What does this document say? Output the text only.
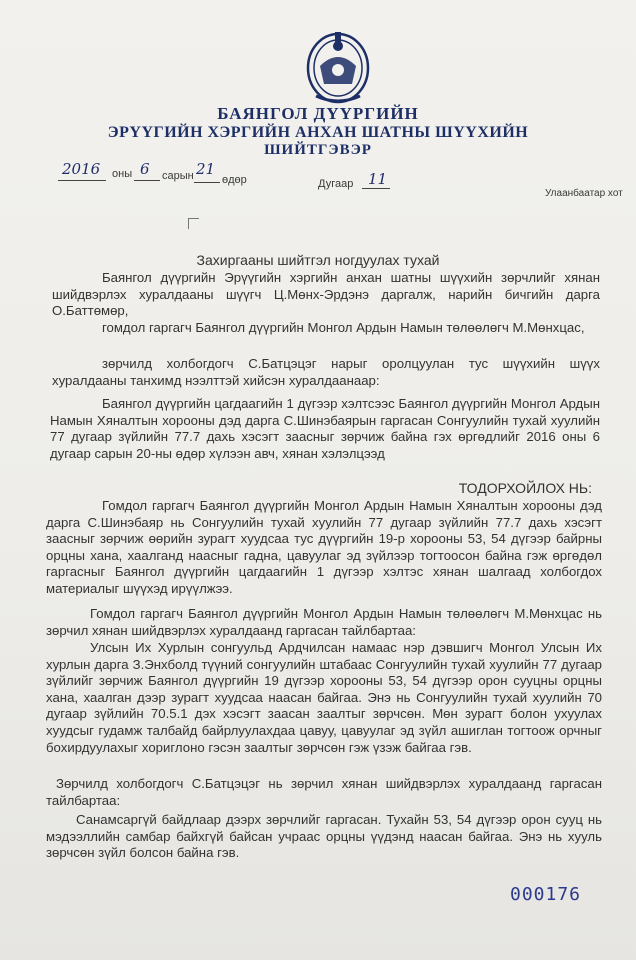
БАЯНГОЛ ДҮҮРГИЙН
ЭРҮҮГИЙН ХЭРГИЙН АНХАН ШАТНЫ ШҮҮХИЙН
ШИЙТГЭВЭР
2016 оны 6 сарын 21
өдөр	Дугаар 11
Улаанбаатар хот
Захиргааны шийтгэл ногдуулах тухай

Баянгол дүүргийн Эрүүгийн хэргийн анхан шатны шүүхийн зөрчлийг хянан шийдвэрлэх хуралдааны шүүгч Ц.Мөнх-Эрдэнэ даргалж, нарийн бичгийн дарга О.Баттөмөр,

гомдол гаргагч Баянгол дүүргийн Монгол Ардын Намын төлөөлөгч М.Мөнхцас,

зөрчилд холбогдогч С.Батцэцэг нарыг оролцуулан тус шүүхийн шүүх хуралдааны танхимд нээлттэй хийсэн хуралдаанаар:

Баянгол дүүргийн цагдаагийн 1 дүгээр хэлтсээс Баянгол дүүргийн Монгол Ардын Намын Хяналтын хорооны дэд дарга С.Шинэбаярын гаргасан Сонгуулийн тухай хуулийн 77 дугаар зүйлийн 77.7 дахь хэсэгт заасныг зөрчиж байна гэх өргөдлийг 2016 оны 6 дугаар сарын 20-ны өдөр хүлээн авч, хянан хэлэлцээд

ТОДОРХОЙЛОХ НЬ:

Гомдол гаргагч Баянгол дүүргийн Монгол Ардын Намын Хяналтын хорооны дэд дарга С.Шинэбаяр нь Сонгуулийн тухай хуулийн 77 дугаар зүйлийн 77.7 дахь хэсэгт заасныг зөрчиж өөрийн зурагт хуудсаа тус дүүргийн 19-р хорооны 53, 54 дүгээр байрны орцны хана, хаалганд наасныг гадна, цавуулаг эд зүйлээр тогтоосон байна гэж өргөдөл гаргасныг Баянгол дүүргийн цагдаагийн 1 дүгээр хэлтэс хянан шалгаад холбогдох материалыг шүүхэд ирүүлжээ.

Гомдол гаргагч Баянгол дүүргийн Монгол Ардын Намын төлөөлөгч М.Мөнхцас нь зөрчил хянан шийдвэрлэх хуралдаанд гаргасан тайлбартаа:

Улсын Их Хурлын сонгуульд Ардчилсан намаас нэр дэвшигч Монгол Улсын Их хурлын дарга З.Энхболд түүний сонгуулийн штабаас Сонгуулийн тухай хуулийн 77 дугаар зүйлийг зөрчиж Баянгол дүүргийн 19 дүгээр хорооны 53, 54 дүгээр орон сууцны орцны хана, хаалган дээр зурагт хуудсаа наасан байгаа. Энэ нь Сонгуулийн тухай хуулийн 70 дугаар зүйлийн 70.5.1 дэх хэсэгт заасан заалтыг зөрчсөн. Мөн зурагт болон ухуулах хуудсыг гудамж талбайд байрлуулахдаа цавуу, цавуулаг эд зүйл ашиглан тогтоож орчныг бохирдуулахыг хориглоно гэсэн заалтыг зөрчсөн гэж үзэж байгаа гэв.

Зөрчилд холбогдогч С.Батцэцэг нь зөрчил хянан шийдвэрлэх хуралдаанд гаргасан тайлбартаа:

Санамсаргүй байдлаар дээрх зөрчлийг гаргасан. Тухайн 53, 54 дүгээр орон сууц нь мэдээллийн самбар байхгүй байсан учраас орцны үүдэнд наасан байгаа. Энэ нь хууль зөрчсөн зүйл болсон байна гэв.

000176
